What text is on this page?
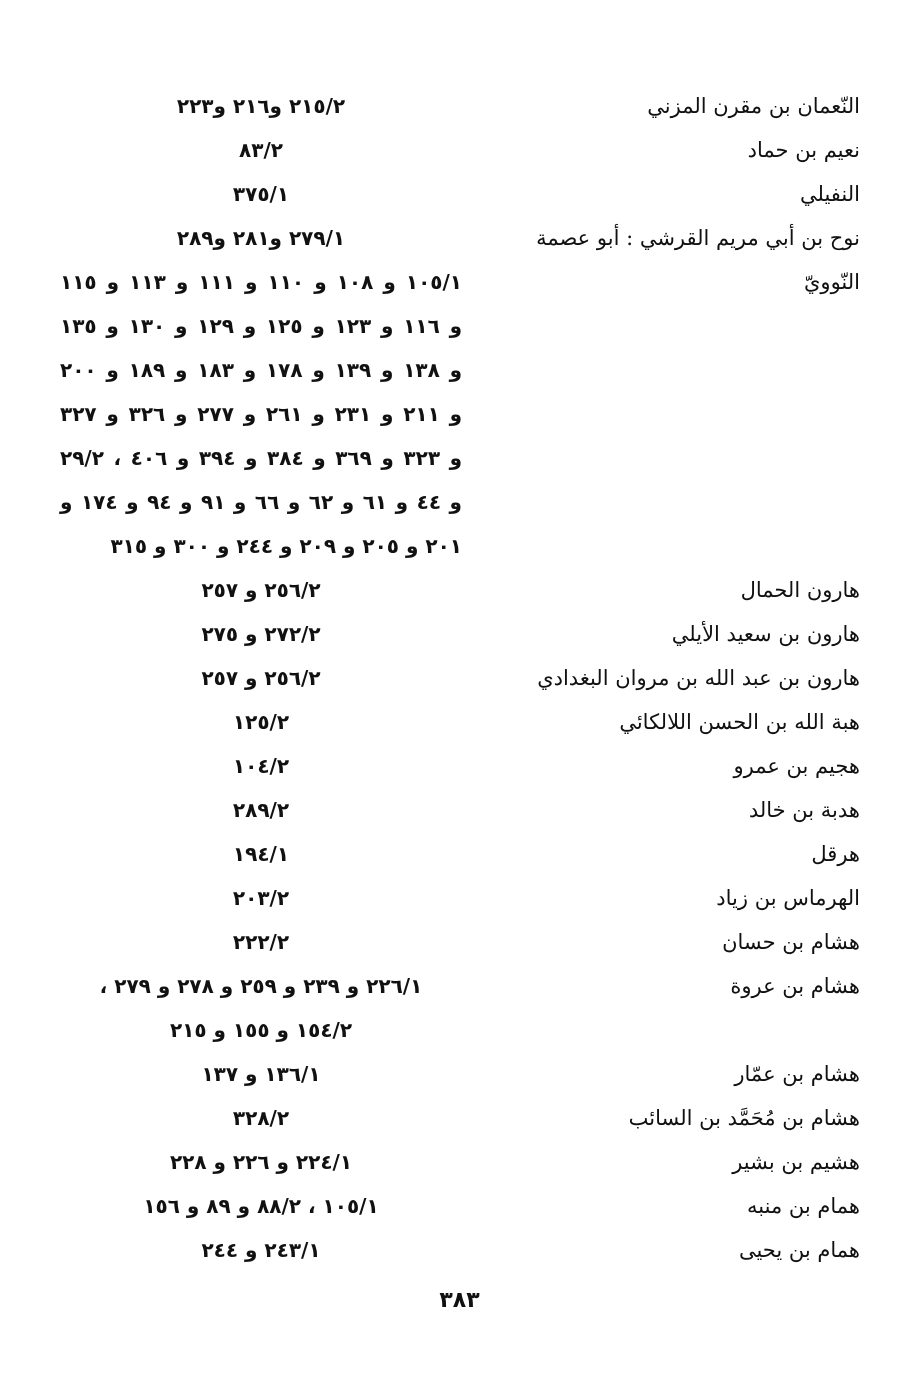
النّعمان بن مقرن المزني
٢١٥/٢ و٢١٦ و٢٢٣
نعيم بن حماد
٨٣/٢
النفيلي
٣٧٥/١
نوح بن أبي مريم القرشي : أبو عصمة
٢٧٩/١ و٢٨١ و٢٨٩
النّوويّ
١٠٥/١ و ١٠٨ و ١١٠ و ١١١ و ١١٣ و ١١٥
و ١١٦ و ١٢٣ و ١٢٥ و ١٢٩ و ١٣٠ و ١٣٥
و ١٣٨ و ١٣٩ و ١٧٨ و ١٨٣ و ١٨٩ و ٢٠٠
و ٢١١ و ٢٣١ و ٢٦١ و ٢٧٧ و ٣٢٦ و ٣٢٧
و ٣٢٣ و ٣٦٩ و ٣٨٤ و ٣٩٤ و ٤٠٦ ، ٢٩/٢
و ٤٤ و ٦١ و ٦٢ و ٦٦ و ٩١ و ٩٤ و ١٧٤ و
٢٠١ و ٢٠٥ و ٢٠٩ و ٢٤٤ و ٣٠٠ و ٣١٥
هارون الحمال
٢٥٦/٢ و ٢٥٧
هارون بن سعيد الأيلي
٢٧٢/٢ و ٢٧٥
هارون بن عبد الله بن مروان البغدادي
٢٥٦/٢ و ٢٥٧
هبة الله بن الحسن اللالكائي
١٢٥/٢
هجيم بن عمرو
١٠٤/٢
هدبة بن خالد
٢٨٩/٢
هرقل
١٩٤/١
الهرماس بن زياد
٢٠٣/٢
هشام بن حسان
٢٢٢/٢
هشام بن عروة
٢٢٦/١ و ٢٣٩ و ٢٥٩ و ٢٧٨ و ٢٧٩ ،
١٥٤/٢ و ١٥٥ و ٢١٥
هشام بن عمّار
١٣٦/١ و ١٣٧
هشام بن مُحَمَّد بن السائب
٣٢٨/٢
هشيم بن بشير
٢٢٤/١ و ٢٢٦ و ٢٢٨
همام بن منبه
١٠٥/١ ، ٨٨/٢ و ٨٩ و ١٥٦
همام بن يحيى
٢٤٣/١ و ٢٤٤
٣٨٣
